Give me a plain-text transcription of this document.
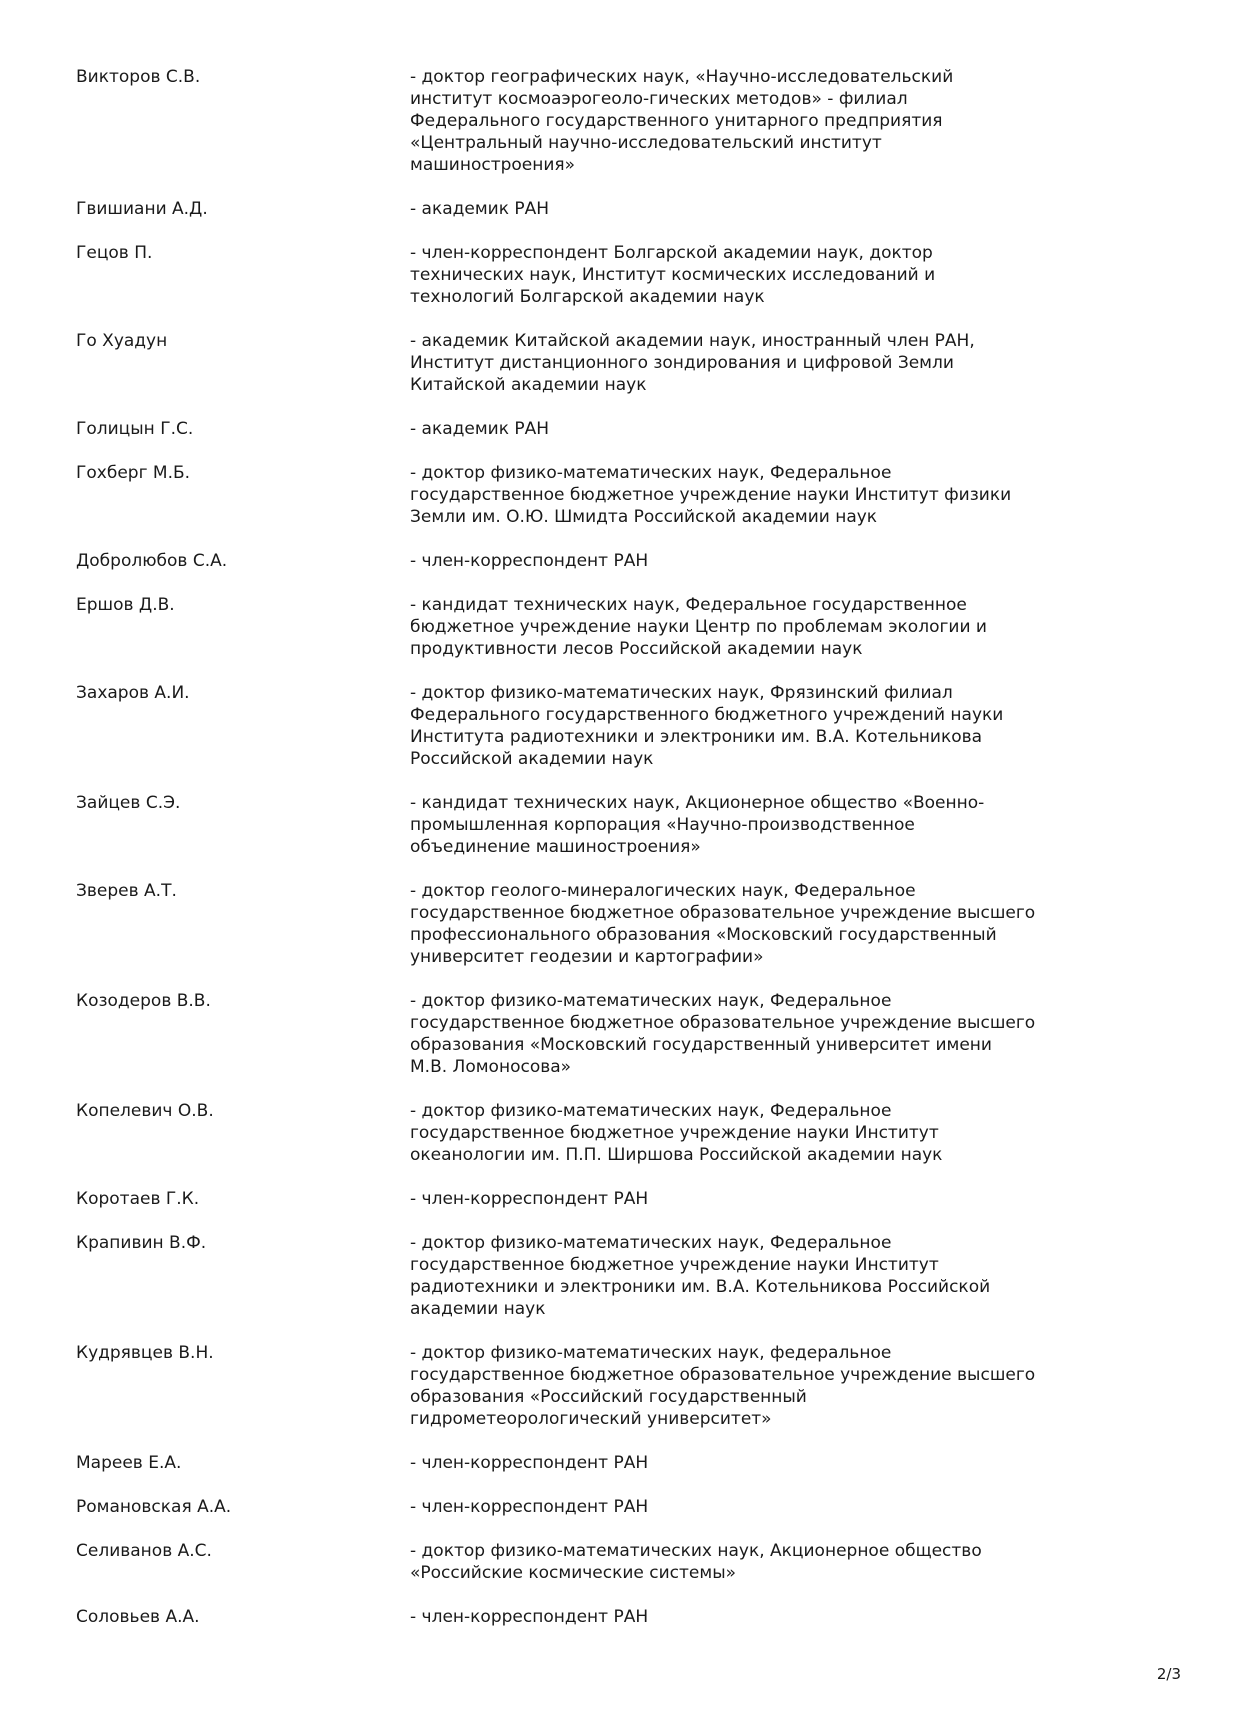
Викторов С.В.	- доктор географических наук, «Научно-исследовательский
институт космоаэрогеоло-гических методов» - филиал
Федерального государственного унитарного предприятия
«Центральный научно-исследовательский институт
машиностроения»
Гвишиани А.Д.	- академик РАН
Гецов П.	- член-корреспондент Болгарской академии наук, доктор
технических наук, Институт космических исследований и
технологий Болгарской академии наук
Го Хуадун	- академик Китайской академии наук, иностранный член РАН,
Институт дистанционного зондирования и цифровой Земли
Китайской академии наук
Голицын Г.С.	- академик РАН
Гохберг М.Б.	- доктор физико-математических наук, Федеральное
государственное бюджетное учреждение науки Институт физики
Земли им. О.Ю. Шмидта Российской академии наук
Добролюбов С.А.	- член-корреспондент РАН
Ершов Д.В.	- кандидат технических наук, Федеральное государственное
бюджетное учреждение науки Центр по проблемам экологии и
продуктивности лесов Российской академии наук
Захаров А.И.	- доктор физико-математических наук, Фрязинский филиал
Федерального государственного бюджетного учреждений науки
Института радиотехники и электроники им. В.А. Котельникова
Российской академии наук
Зайцев С.Э.	- кандидат технических наук, Акционерное общество «Военно-
промышленная корпорация «Научно-производственное
объединение машиностроения»
Зверев А.Т.	- доктор геолого-минералогических наук, Федеральное
государственное бюджетное образовательное учреждение высшего
профессионального образования «Московский государственный
университет геодезии и картографии»
Козодеров В.В.	- доктор физико-математических наук, Федеральное
государственное бюджетное образовательное учреждение высшего
образования «Московский государственный университет имени
М.В. Ломоносова»
Копелевич О.В.	- доктор физико-математических наук, Федеральное
государственное бюджетное учреждение науки Институт
океанологии им. П.П. Ширшова Российской академии наук
Коротаев Г.К.	- член-корреспондент РАН
Крапивин В.Ф.	- доктор физико-математических наук, Федеральное
государственное бюджетное учреждение науки Институт
радиотехники и электроники им. В.А. Котельникова Российской
академии наук
Кудрявцев В.Н.	- доктор физико-математических наук, федеральное
государственное бюджетное образовательное учреждение высшего
образования «Российский государственный
гидрометеорологический университет»
Мареев Е.А.	- член-корреспондент РАН
Романовская А.А.	- член-корреспондент РАН
Селиванов А.С.	- доктор физико-математических наук, Акционерное общество
«Российские космические системы»
Соловьев А.А.	- член-корреспондент РАН
2/3
